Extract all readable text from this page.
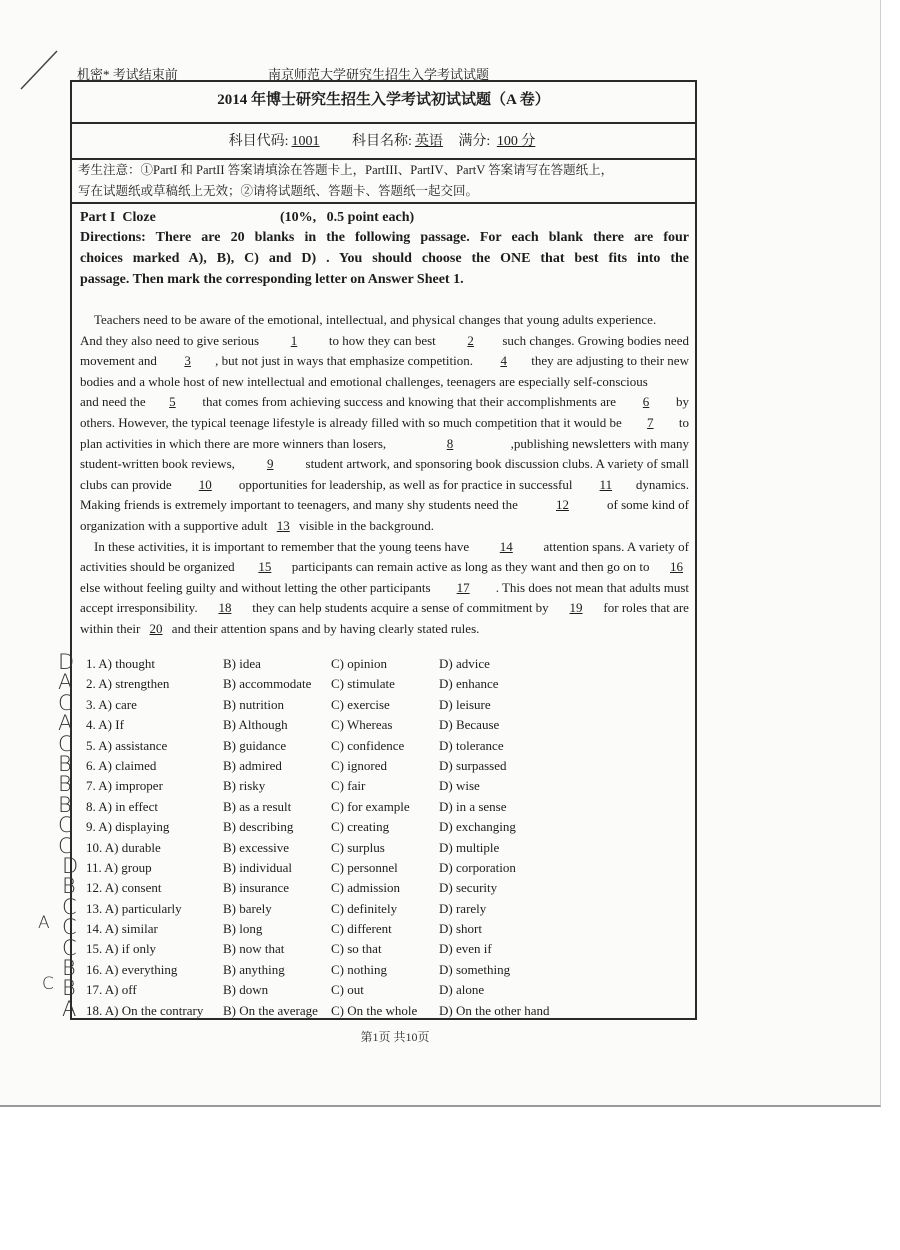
机密* 考试结束前	南京师范大学研究生招生入学考试试题
2014 年博士研究生招生入学考试初试试题（A 卷）
科目代码: 1001 科目名称: 英语 满分: 100 分
考生注意：①PartI 和 PartII 答案请填涂在答题卡上，PartIII、PartIV、PartV 答案请写在答题纸上，
写在试题纸或草稿纸上无效；②请将试题纸、答题卡、答题纸一起交回。
Part I  Cloze	(10%,   0.5 point each)
Directions: There are 20 blanks in the following passage. For each blank there are four
choices marked A), B), C) and D) . You should choose the ONE that best fits into the
passage. Then mark the corresponding letter on Answer Sheet 1.
Teachers need to be aware of the emotional, intellectual, and physical changes that young adults experience.
And they also need to give serious	1	to how they can best	2	such changes. Growing bodies need
movement and	3	, but not just in ways that emphasize competition.	4	they are adjusting to their new
bodies and a whole host of new intellectual and emotional challenges, teenagers are especially self-conscious
and need the	5	that comes from achieving success and knowing that their accomplishments are	6	by
others. However, the typical teenage lifestyle is already filled with so much competition that it would be	7	to
plan activities in which there are more winners than losers,	8	,publishing newsletters with many
student-written book reviews,	9	student artwork, and sponsoring book discussion clubs. A variety of small
clubs can provide	10	opportunities for leadership, as well as for practice in successful	11	dynamics.
Making friends is extremely important to teenagers, and many shy students need the	12	of some kind of
organization with a supportive adult 13 visible in the background.
In these activities, it is important to remember that the young teens have	14	attention spans. A variety of
activities should be organized	15	participants can remain active as long as they want and then go on to	16
else without feeling guilty and without letting the other participants	17	. This does not mean that adults must
accept irresponsibility.	18	they can help students acquire a sense of commitment by	19	for roles that are
within their 20 and their attention spans and by having clearly stated rules.
1. A) thought	B) idea	C) opinion	D) advice
2. A) strengthen	B) accommodate C) stimulate	D) enhance
3. A) care	B) nutrition	C) exercise	D) leisure
4. A) If	B) Although	C) Whereas	D) Because
5. A) assistance	B) guidance	C) confidence	D) tolerance
6. A) claimed	B) admired	C) ignored	D) surpassed
7. A) improper	B) risky	C) fair	D) wise
8. A) in effect	B) as a result	C) for example D) in a sense
9. A) displaying	B) describing	C) creating	D) exchanging
10. A) durable	B) excessive	C) surplus	D) multiple
11. A) group	B) individual	C) personnel	D) corporation
12. A) consent	B) insurance	C) admission	D) security
13. A) particularly	B) barely	C) definitely	D) rarely
14. A) similar	B) long	C) different	D) short
15. A) if only	B) now that	C) so that	D) even if
16. A) everything	B) anything	C) nothing	D) something
17. A) off	B) down	C) out	D) alone
18. A) On the contrary B) On the average C) On the whole D) On the other hand
D
A
C
A
C
B
B
B
C
C
D
B
C
C
C
B
B
A
A
C
第1页 共10页
